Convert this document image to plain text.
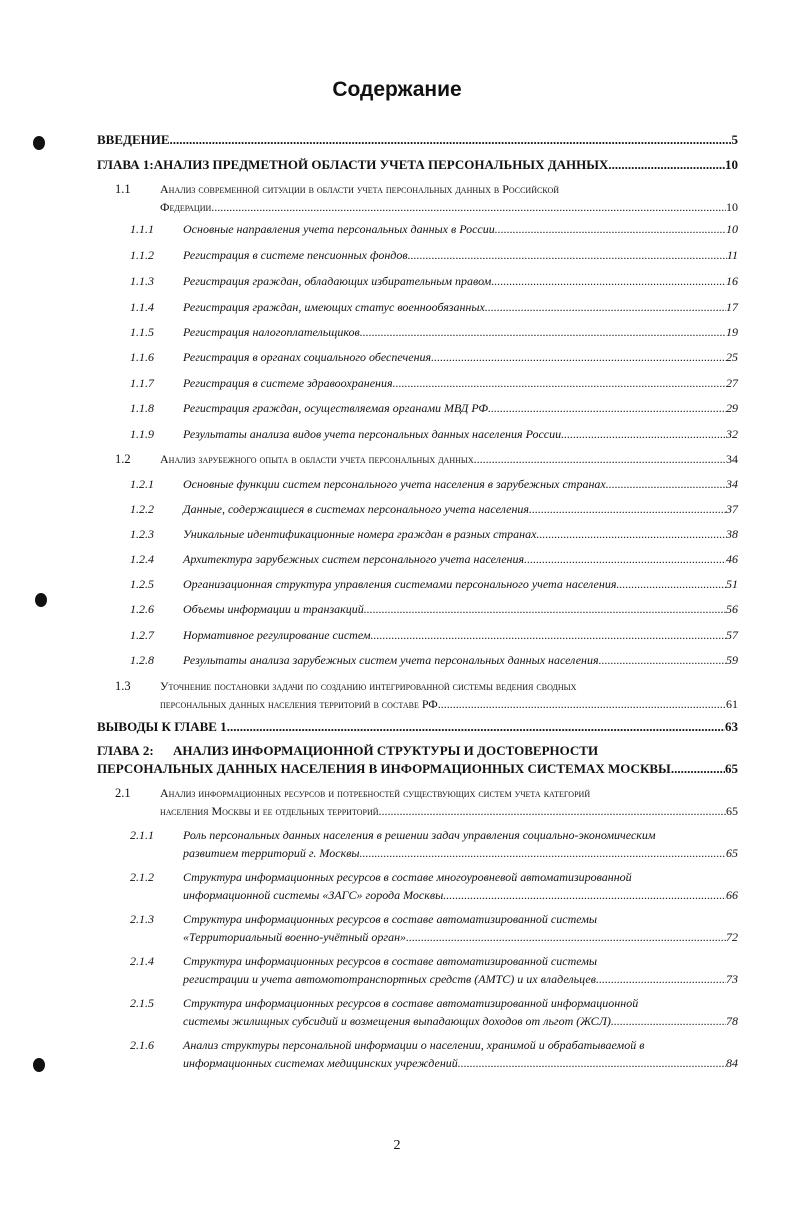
Содержание
ВВЕДЕНИЕ .....	5
ГЛАВА 1: АНАЛИЗ ПРЕДМЕТНОЙ ОБЛАСТИ УЧЕТА ПЕРСОНАЛЬНЫХ ДАННЫХ .....	10
1.1 Анализ современной ситуации в области учета персональных данных в Российской
Федерации .....	10
1.1.1 Основные направления учета персональных данных в России .....	10
1.1.2 Регистрация в системе пенсионных фондов .....	11
1.1.3 Регистрация граждан, обладающих избирательным правом .....	16
1.1.4 Регистрация граждан, имеющих статус военнообязанных .....	17
1.1.5 Регистрация налогоплательщиков .....	19
1.1.6 Регистрация в органах социального обеспечения .....	25
1.1.7 Регистрация в системе здравоохранения .....	27
1.1.8 Регистрация граждан, осуществляемая органами МВД РФ .....	29
1.1.9 Результаты анализа видов учета персональных данных населения России .....	32
1.2 Анализ зарубежного опыта в области учета персональных данных .....	34
1.2.1 Основные функции систем персонального учета населения в зарубежных странах .....	34
1.2.2 Данные, содержащиеся в системах персонального учета населения .....	37
1.2.3 Уникальные идентификационные номера граждан в разных странах .....	38
1.2.4 Архитектура зарубежных систем персонального учета населения .....	46
1.2.5 Организационная структура управления системами персонального учета населения .....	51
1.2.6 Объемы информации и транзакций .....	56
1.2.7 Нормативное регулирование систем .....	57
1.2.8 Результаты анализа зарубежных систем учета персональных данных населения .....	59
1.3 Уточнение постановки задачи по созданию интегрированной системы ведения сводных
персональных данных населения территорий в составе РФ .....	61
ВЫВОДЫ К ГЛАВЕ 1 .....	63
ГЛАВА 2:	АНАЛИЗ ИНФОРМАЦИОННОЙ СТРУКТУРЫ И ДОСТОВЕРНОСТИ
ПЕРСОНАЛЬНЫХ ДАННЫХ НАСЕЛЕНИЯ В ИНФОРМАЦИОННЫХ СИСТЕМАХ МОСКВЫ .....	65
2.1 Анализ информационных ресурсов и потребностей существующих систем учета категорий
населения Москвы и ее отдельных территорий .....	65
2.1.1 Роль персональных данных населения в решении задач управления социально-экономическим
развитием территорий г. Москвы .....	65
2.1.2 Структура информационных ресурсов в составе многоуровневой автоматизированной
информационной системы «ЗАГС» города Москвы .....	66
2.1.3 Структура информационных ресурсов в составе автоматизированной системы
«Территориальный военно-учётный орган» .....	72
2.1.4 Структура информационных ресурсов в составе автоматизированной системы
регистрации и учета автомототранспортных средств (АМТС) и их владельцев .....	73
2.1.5 Структура информационных ресурсов в составе автоматизированной информационной
системы жилищных субсидий и возмещения выпадающих доходов от льгот (ЖСЛ) .....	78
2.1.6 Анализ структуры персональной информации о населении, хранимой и обрабатываемой в
информационных системах медицинских учреждений .....	84
2
